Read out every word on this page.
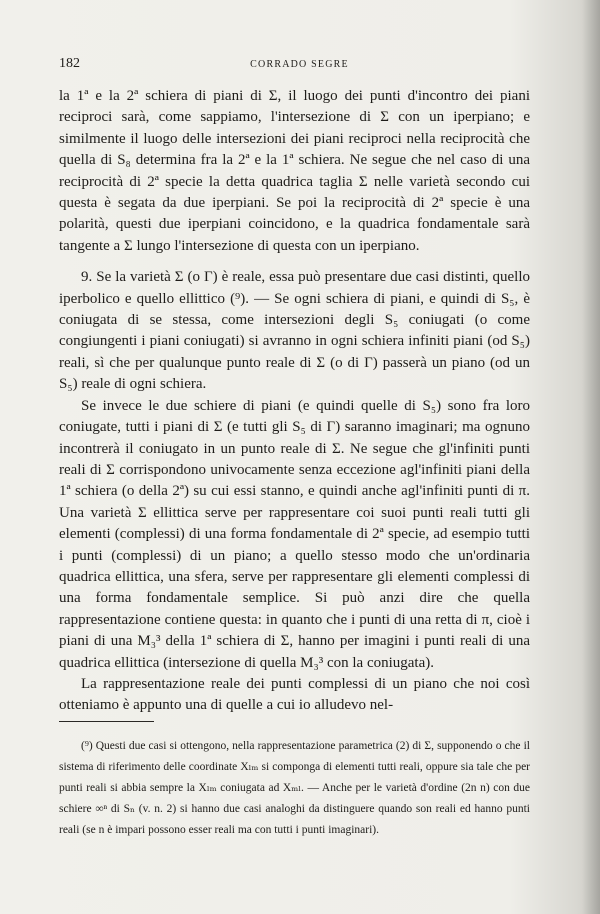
182	CORRADO SEGRE

la 1ª e la 2ª schiera di piani di Σ, il luogo dei punti d'incontro dei piani reciproci sarà, come sappiamo, l'intersezione di Σ con un iperpiano; e similmente il luogo delle intersezioni dei piani reciproci nella reciprocità che quella di S₈ determina fra la 2ª e la 1ª schiera. Ne segue che nel caso di una reciprocità di 2ª specie la detta quadrica taglia Σ nelle varietà secondo cui questa è segata da due iperpiani. Se poi la reciprocità di 2ª specie è una polarità, questi due iperpiani coincidono, e la quadrica fondamentale sarà tangente a Σ lungo l'intersezione di questa con un iperpiano.

9. Se la varietà Σ (o Γ) è reale, essa può presentare due casi distinti, quello iperbolico e quello ellittico (⁹). — Se ogni schiera di piani, e quindi di S₅, è coniugata di se stessa, come intersezioni degli S₅ coniugati (o come congiungenti i piani coniugati) si avranno in ogni schiera infiniti piani (od S₅) reali, sì che per qualunque punto reale di Σ (o di Γ) passerà un piano (od un S₅) reale di ogni schiera.

Se invece le due schiere di piani (e quindi quelle di S₅) sono fra loro coniugate, tutti i piani di Σ (e tutti gli S₅ di Γ) saranno imaginari; ma ognuno incontrerà il coniugato in un punto reale di Σ. Ne segue che gl'infiniti punti reali di Σ corrispondono univocamente senza eccezione agl'infiniti piani della 1ª schiera (o della 2ª) su cui essi stanno, e quindi anche agl'infiniti punti di π. Una varietà Σ ellittica serve per rappresentare coi suoi punti reali tutti gli elementi (complessi) di una forma fondamentale di 2ª specie, ad esempio tutti i punti (complessi) di un piano; a quello stesso modo che un'ordinaria quadrica ellittica, una sfera, serve per rappresentare gli elementi complessi di una forma fondamentale semplice. Si può anzi dire che quella rappresentazione contiene questa: in quanto che i punti di una retta di π, cioè i piani di una M₃³ della 1ª schiera di Σ, hanno per imagini i punti reali di una quadrica ellittica (intersezione di quella M₃³ con la coniugata).

La rappresentazione reale dei punti complessi di un piano che noi così otteniamo è appunto una di quelle a cui io alludevo nel-

(⁹) Questi due casi si ottengono, nella rappresentazione parametrica (2) di Σ, supponendo o che il sistema di riferimento delle coordinate Xₗₘ si componga di elementi tutti reali, oppure sia tale che per punti reali si abbia sempre la Xₗₘ coniugata ad Xₘₗ. — Anche per le varietà d'ordine (2n n) con due schiere ∞ⁿ di Sₙ (v. n. 2) si hanno due casi analoghi da distinguere quando son reali ed hanno punti reali (se n è impari possono esser reali ma con tutti i punti imaginari).
